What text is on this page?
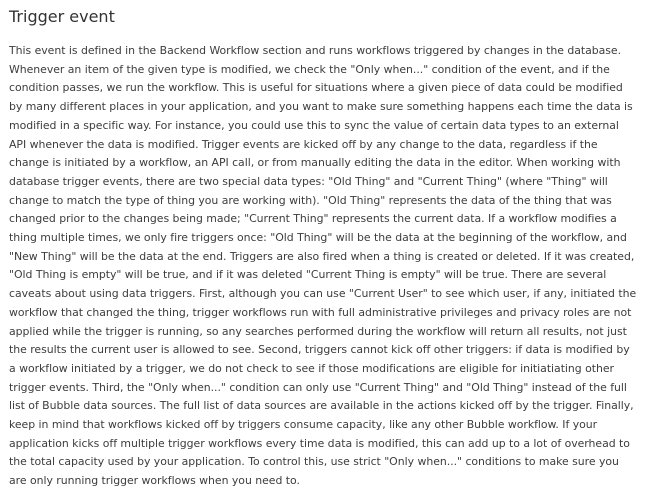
Trigger event

This event is defined in the Backend Workflow section and runs workflows triggered by changes in the database. Whenever an item of the given type is modified, we check the "Only when..." condition of the event, and if the condition passes, we run the workflow. This is useful for situations where a given piece of data could be modified by many different places in your application, and you want to make sure something happens each time the data is modified in a specific way. For instance, you could use this to sync the value of certain data types to an external API whenever the data is modified. Trigger events are kicked off by any change to the data, regardless if the change is initiated by a workflow, an API call, or from manually editing the data in the editor. When working with database trigger events, there are two special data types: "Old Thing" and "Current Thing" (where "Thing" will change to match the type of thing you are working with). "Old Thing" represents the data of the thing that was changed prior to the changes being made; "Current Thing" represents the current data. If a workflow modifies a thing multiple times, we only fire triggers once: "Old Thing" will be the data at the beginning of the workflow, and "New Thing" will be the data at the end. Triggers are also fired when a thing is created or deleted. If it was created, "Old Thing is empty" will be true, and if it was deleted "Current Thing is empty" will be true. There are several caveats about using data triggers. First, although you can use "Current User" to see which user, if any, initiated the workflow that changed the thing, trigger workflows run with full administrative privileges and privacy roles are not applied while the trigger is running, so any searches performed during the workflow will return all results, not just the results the current user is allowed to see. Second, triggers cannot kick off other triggers: if data is modified by a workflow initiated by a trigger, we do not check to see if those modifications are eligible for initiatiating other trigger events. Third, the "Only when..." condition can only use "Current Thing" and "Old Thing" instead of the full list of Bubble data sources. The full list of data sources are available in the actions kicked off by the trigger. Finally, keep in mind that workflows kicked off by triggers consume capacity, like any other Bubble workflow. If your application kicks off multiple trigger workflows every time data is modified, this can add up to a lot of overhead to the total capacity used by your application. To control this, use strict "Only when..." conditions to make sure you are only running trigger workflows when you need to.
